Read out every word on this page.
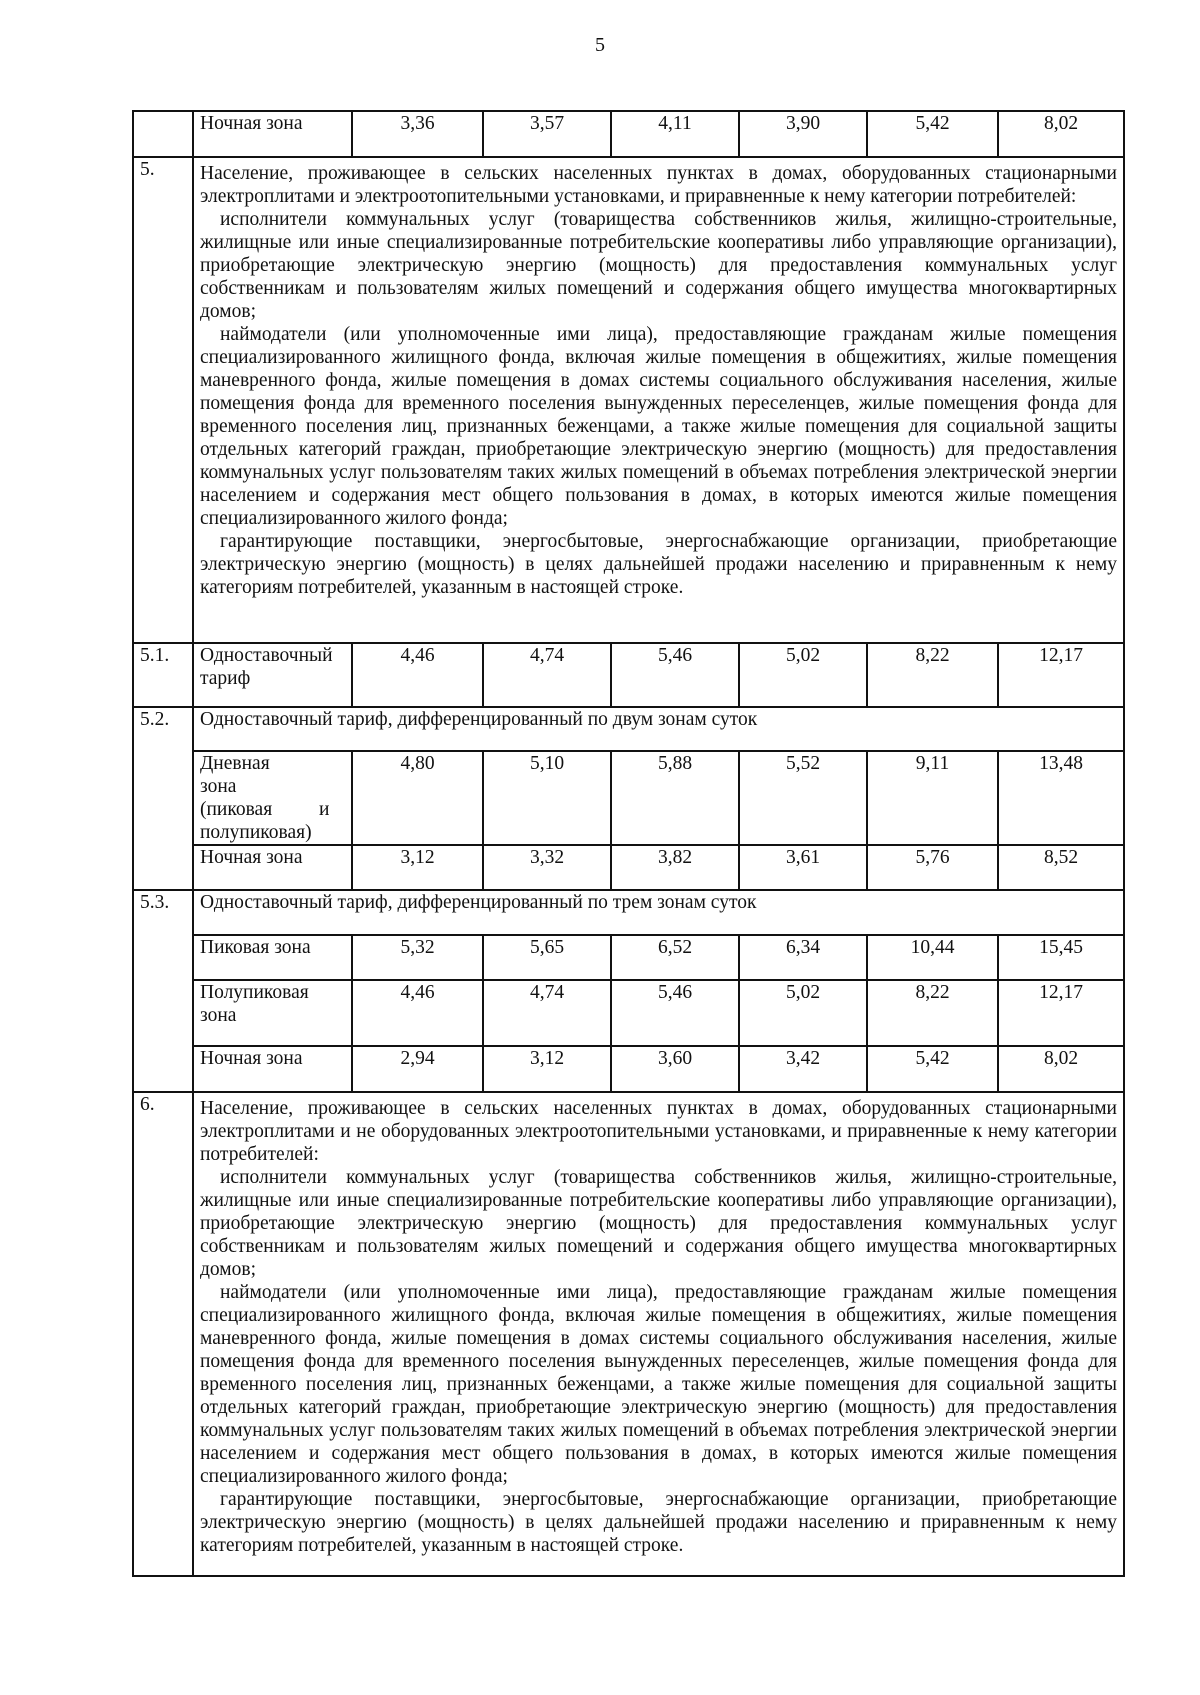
5
	Ночная зона	3,36	3,57	4,11	3,90	5,42	8,02
5.	Население, проживающее в сельских населенных пунктах в домах, оборудованных стационарными электроплитами и электроотопительными установками, и приравненные к нему категории потребителей:

исполнители коммунальных услуг (товарищества собственников жилья, жилищно-строительные, жилищные или иные специализированные потребительские кооперативы либо управляющие организации), приобретающие электрическую энергию (мощность) для предоставления коммунальных услуг собственникам и пользователям жилых помещений и содержания общего имущества многоквартирных домов;

наймодатели (или уполномоченные ими лица), предоставляющие гражданам жилые помещения специализированного жилищного фонда, включая жилые помещения в общежитиях, жилые помещения маневренного фонда, жилые помещения в домах системы социального обслуживания населения, жилые помещения фонда для временного поселения вынужденных переселенцев, жилые помещения фонда для временного поселения лиц, признанных беженцами, а также жилые помещения для социальной защиты отдельных категорий граждан, приобретающие электрическую энергию (мощность) для предоставления коммунальных услуг пользователям таких жилых помещений в объемах потребления электрической энергии населением и содержания мест общего пользования в домах, в которых имеются жилые помещения специализированного жилого фонда;

гарантирующие поставщики, энергосбытовые, энергоснабжающие организации, приобретающие электрическую энергию (мощность) в целях дальнейшей продажи населению и приравненным к нему категориям потребителей, указанным в настоящей строке.						

5.1.	Одноставочный
тариф	4,46	4,74	5,46	5,02	8,22	12,17
5.2.	Одноставочный тариф, дифференцированный по двум зонам суток						

	Дневная зона
(пиковая и
полупиковая)	4,80	5,10	5,88	5,52	9,11	13,48
	Ночная зона	3,12	3,32	3,82	3,61	5,76	8,52
5.3.	Одноставочный тариф, дифференцированный по трем зонам суток						
	Пиковая зона	5,32	5,65	6,52	6,34	10,44	15,45
	Полупиковая
зона	4,46	4,74	5,46	5,02	8,22	12,17
	Ночная зона	2,94	3,12	3,60	3,42	5,42	8,02
6.	Население, проживающее в сельских населенных пунктах в домах, оборудованных стационарными электроплитами и не оборудованных электроотопительными установками, и приравненные к нему категории потребителей:

исполнители коммунальных услуг (товарищества собственников жилья, жилищно-строительные, жилищные или иные специализированные потребительские кооперативы либо управляющие организации), приобретающие электрическую энергию (мощность) для предоставления коммунальных услуг собственникам и пользователям жилых помещений и содержания общего имущества многоквартирных домов;

наймодатели (или уполномоченные ими лица), предоставляющие гражданам жилые помещения специализированного жилищного фонда, включая жилые помещения в общежитиях, жилые помещения маневренного фонда, жилые помещения в домах системы социального обслуживания населения, жилые помещения фонда для временного поселения вынужденных переселенцев, жилые помещения фонда для временного поселения лиц, признанных беженцами, а также жилые помещения для социальной защиты отдельных категорий граждан, приобретающие электрическую энергию (мощность) для предоставления коммунальных услуг пользователям таких жилых помещений в объемах потребления электрической энергии населением и содержания мест общего пользования в домах, в которых имеются жилые помещения специализированного жилого фонда;

гарантирующие поставщики, энергосбытовые, энергоснабжающие организации, приобретающие электрическую энергию (мощность) в целях дальнейшей продажи населению и приравненным к нему категориям потребителей, указанным в настоящей строке.						
